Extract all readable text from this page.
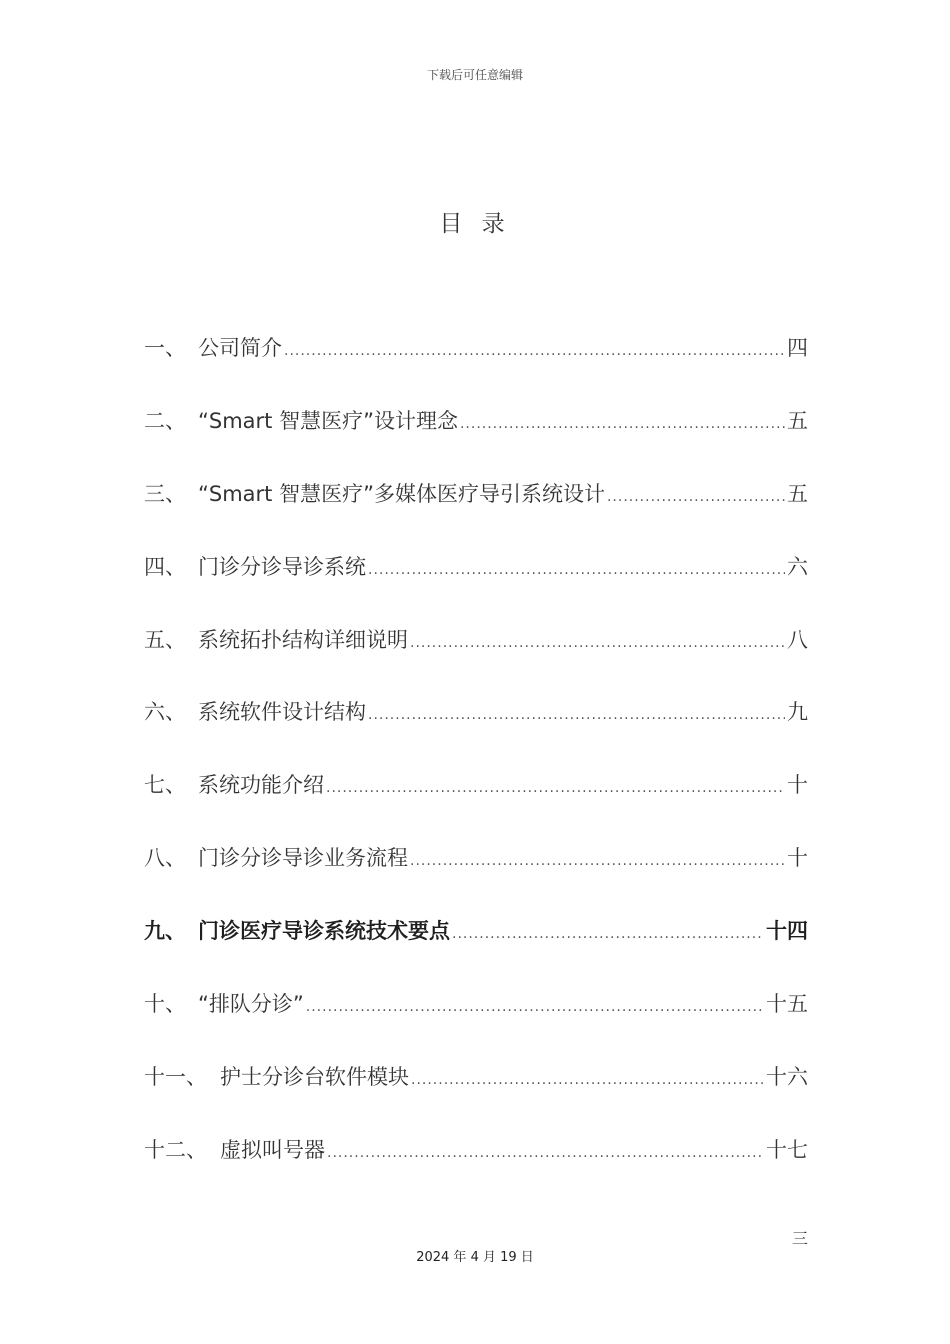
下载后可任意编辑
目 录
一、 公司简介 .....	四
二、 “Smart 智慧医疗”设计理念 .....	五
三、 “Smart 智慧医疗”多媒体医疗导引系统设计 .....	五
四、 门诊分诊导诊系统 .....	六
五、 系统拓扑结构详细说明 .....	八
六、 系统软件设计结构 .....	九
七、 系统功能介绍 .....	十
八、 门诊分诊导诊业务流程 .....	十
九、 门诊医疗导诊系统技术要点 .....	十四
十、 “排队分诊” .....	十五
十一、 护士分诊台软件模块 .....	十六
十二、 虚拟叫号器 .....	十七
三
2024 年 4 月 19 日
